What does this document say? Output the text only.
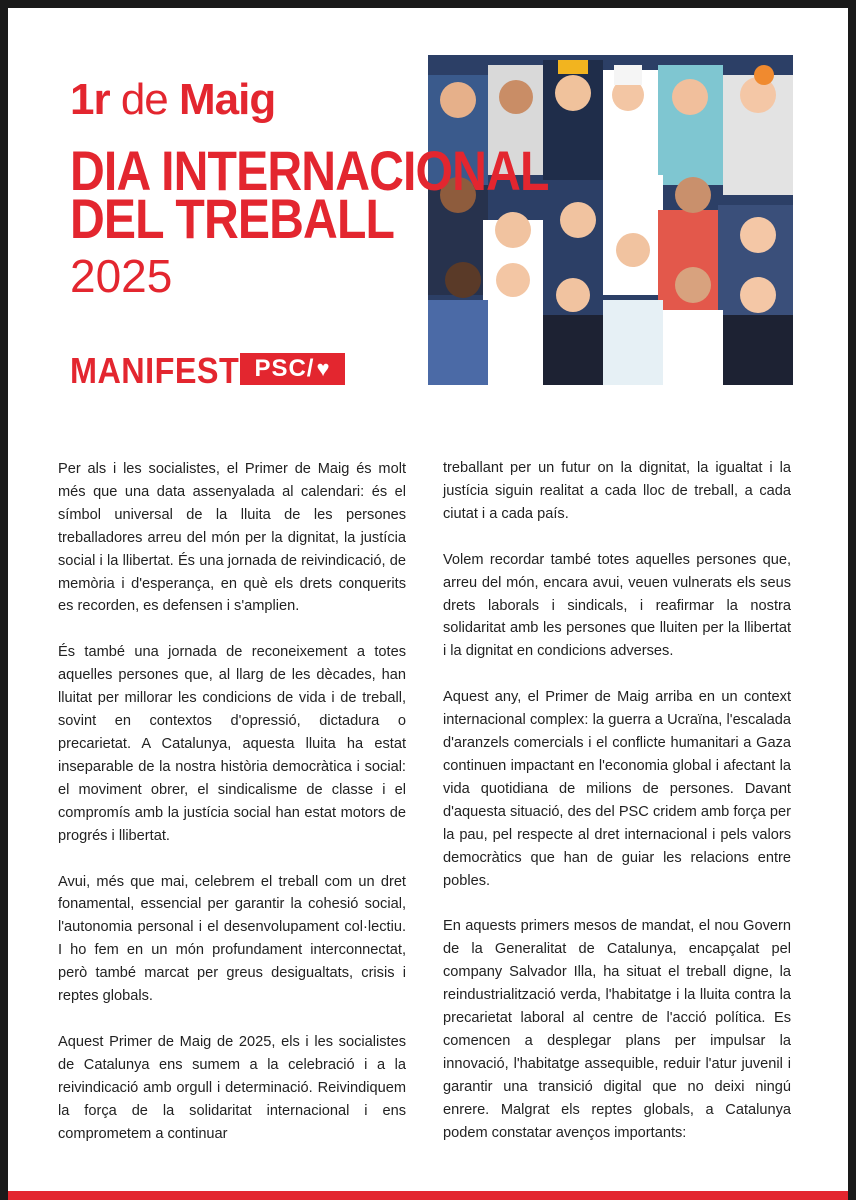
1r de Maig
DIA INTERNACIONAL
DEL TREBALL
2025
MANIFEST PSC/ ♥

Per als i les socialistes, el Primer de Maig és molt més que una data assenyalada al calendari: és el símbol universal de la lluita de les persones treballadores arreu del món per la dignitat, la justícia social i la llibertat. És una jornada de reivindicació, de memòria i d'esperança, en què els drets conquerits es recorden, es defensen i s'amplien.

És també una jornada de reconeixement a totes aquelles persones que, al llarg de les dècades, han lluitat per millorar les condicions de vida i de treball, sovint en contextos d'opressió, dictadura o precarietat. A Catalunya, aquesta lluita ha estat inseparable de la nostra història democràtica i social: el moviment obrer, el sindicalisme de classe i el compromís amb la justícia social han estat motors de progrés i llibertat.

Avui, més que mai, celebrem el treball com un dret fonamental, essencial per garantir la cohesió social, l'autonomia personal i el desenvolupament col·lectiu. I ho fem en un món profundament interconnectat, però també marcat per greus desigualtats, crisis i reptes globals.

Aquest Primer de Maig de 2025, els i les socialistes de Catalunya ens sumem a la celebració i a la reivindicació amb orgull i determinació. Reivindiquem la força de la solidaritat internacional i ens comprometem a continuar

treballant per un futur on la dignitat, la igualtat i la justícia siguin realitat a cada lloc de treball, a cada ciutat i a cada país.

Volem recordar també totes aquelles persones que, arreu del món, encara avui, veuen vulnerats els seus drets laborals i sindicals, i reafirmar la nostra solidaritat amb les persones que lluiten per la llibertat i la dignitat en condicions adverses.

Aquest any, el Primer de Maig arriba en un context internacional complex: la guerra a Ucraïna, l'escalada d'aranzels comercials i el conflicte humanitari a Gaza continuen impactant en l'economia global i afectant la vida quotidiana de milions de persones. Davant d'aquesta situació, des del PSC cridem amb força per la pau, pel respecte al dret internacional i pels valors democràtics que han de guiar les relacions entre pobles.

En aquests primers mesos de mandat, el nou Govern de la Generalitat de Catalunya, encapçalat pel company Salvador Illa, ha situat el treball digne, la reindustrialització verda, l'habitatge i la lluita contra la precarietat laboral al centre de l'acció política. Es comencen a desplegar plans per impulsar la innovació, l'habitatge assequible, reduir l'atur juvenil i garantir una transició digital que no deixi ningú enrere. Malgrat els reptes globals, a Catalunya podem constatar avenços importants:
